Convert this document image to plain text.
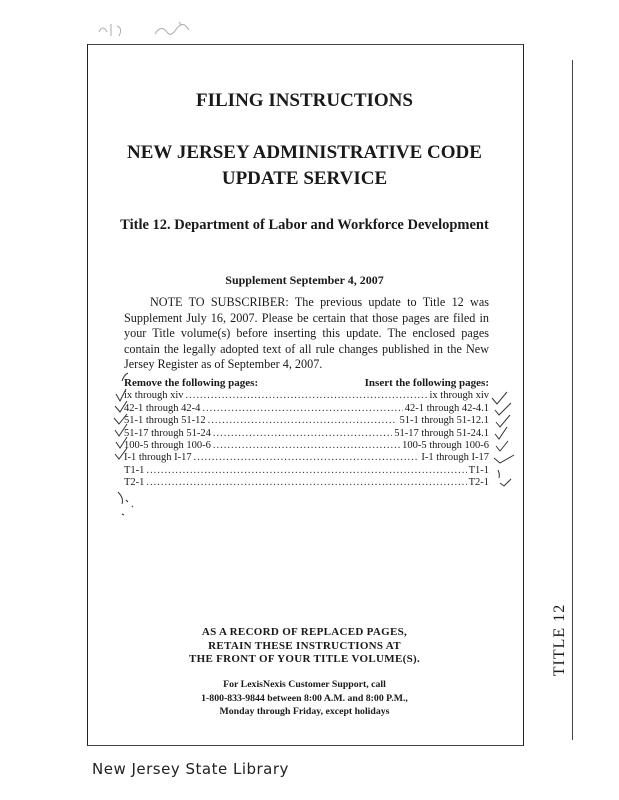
TITLE 12
FILING INSTRUCTIONS
NEW JERSEY ADMINISTRATIVE CODE
UPDATE SERVICE
Title 12. Department of Labor and Workforce Development
Supplement September 4, 2007
NOTE TO SUBSCRIBER: The previous update to Title 12 was Supplement July 16, 2007. Please be certain that those pages are filed in your Title volume(s) before inserting this update. The enclosed pages contain the legally adopted text of all rule changes published in the New Jersey Register as of September 4, 2007.
Remove the following pages:	Insert the following pages:
ix through xiv .....	ix through xiv
42-1 through 42-4 .....	42-1 through 42-4.1
51-1 through 51-12 .....	51-1 through 51-12.1
51-17 through 51-24 .....	51-17 through 51-24.1
100-5 through 100-6 .....	100-5 through 100-6
I-1 through I-17 .....	I-1 through I-17
T1-1 .....	T1-1
T2-1 .....	T2-1
AS A RECORD OF REPLACED PAGES,
RETAIN THESE INSTRUCTIONS AT
THE FRONT OF YOUR TITLE VOLUME(S).
For LexisNexis Customer Support, call
1-800-833-9844 between 8:00 A.M. and 8:00 P.M.,
Monday through Friday, except holidays
New Jersey State Library
